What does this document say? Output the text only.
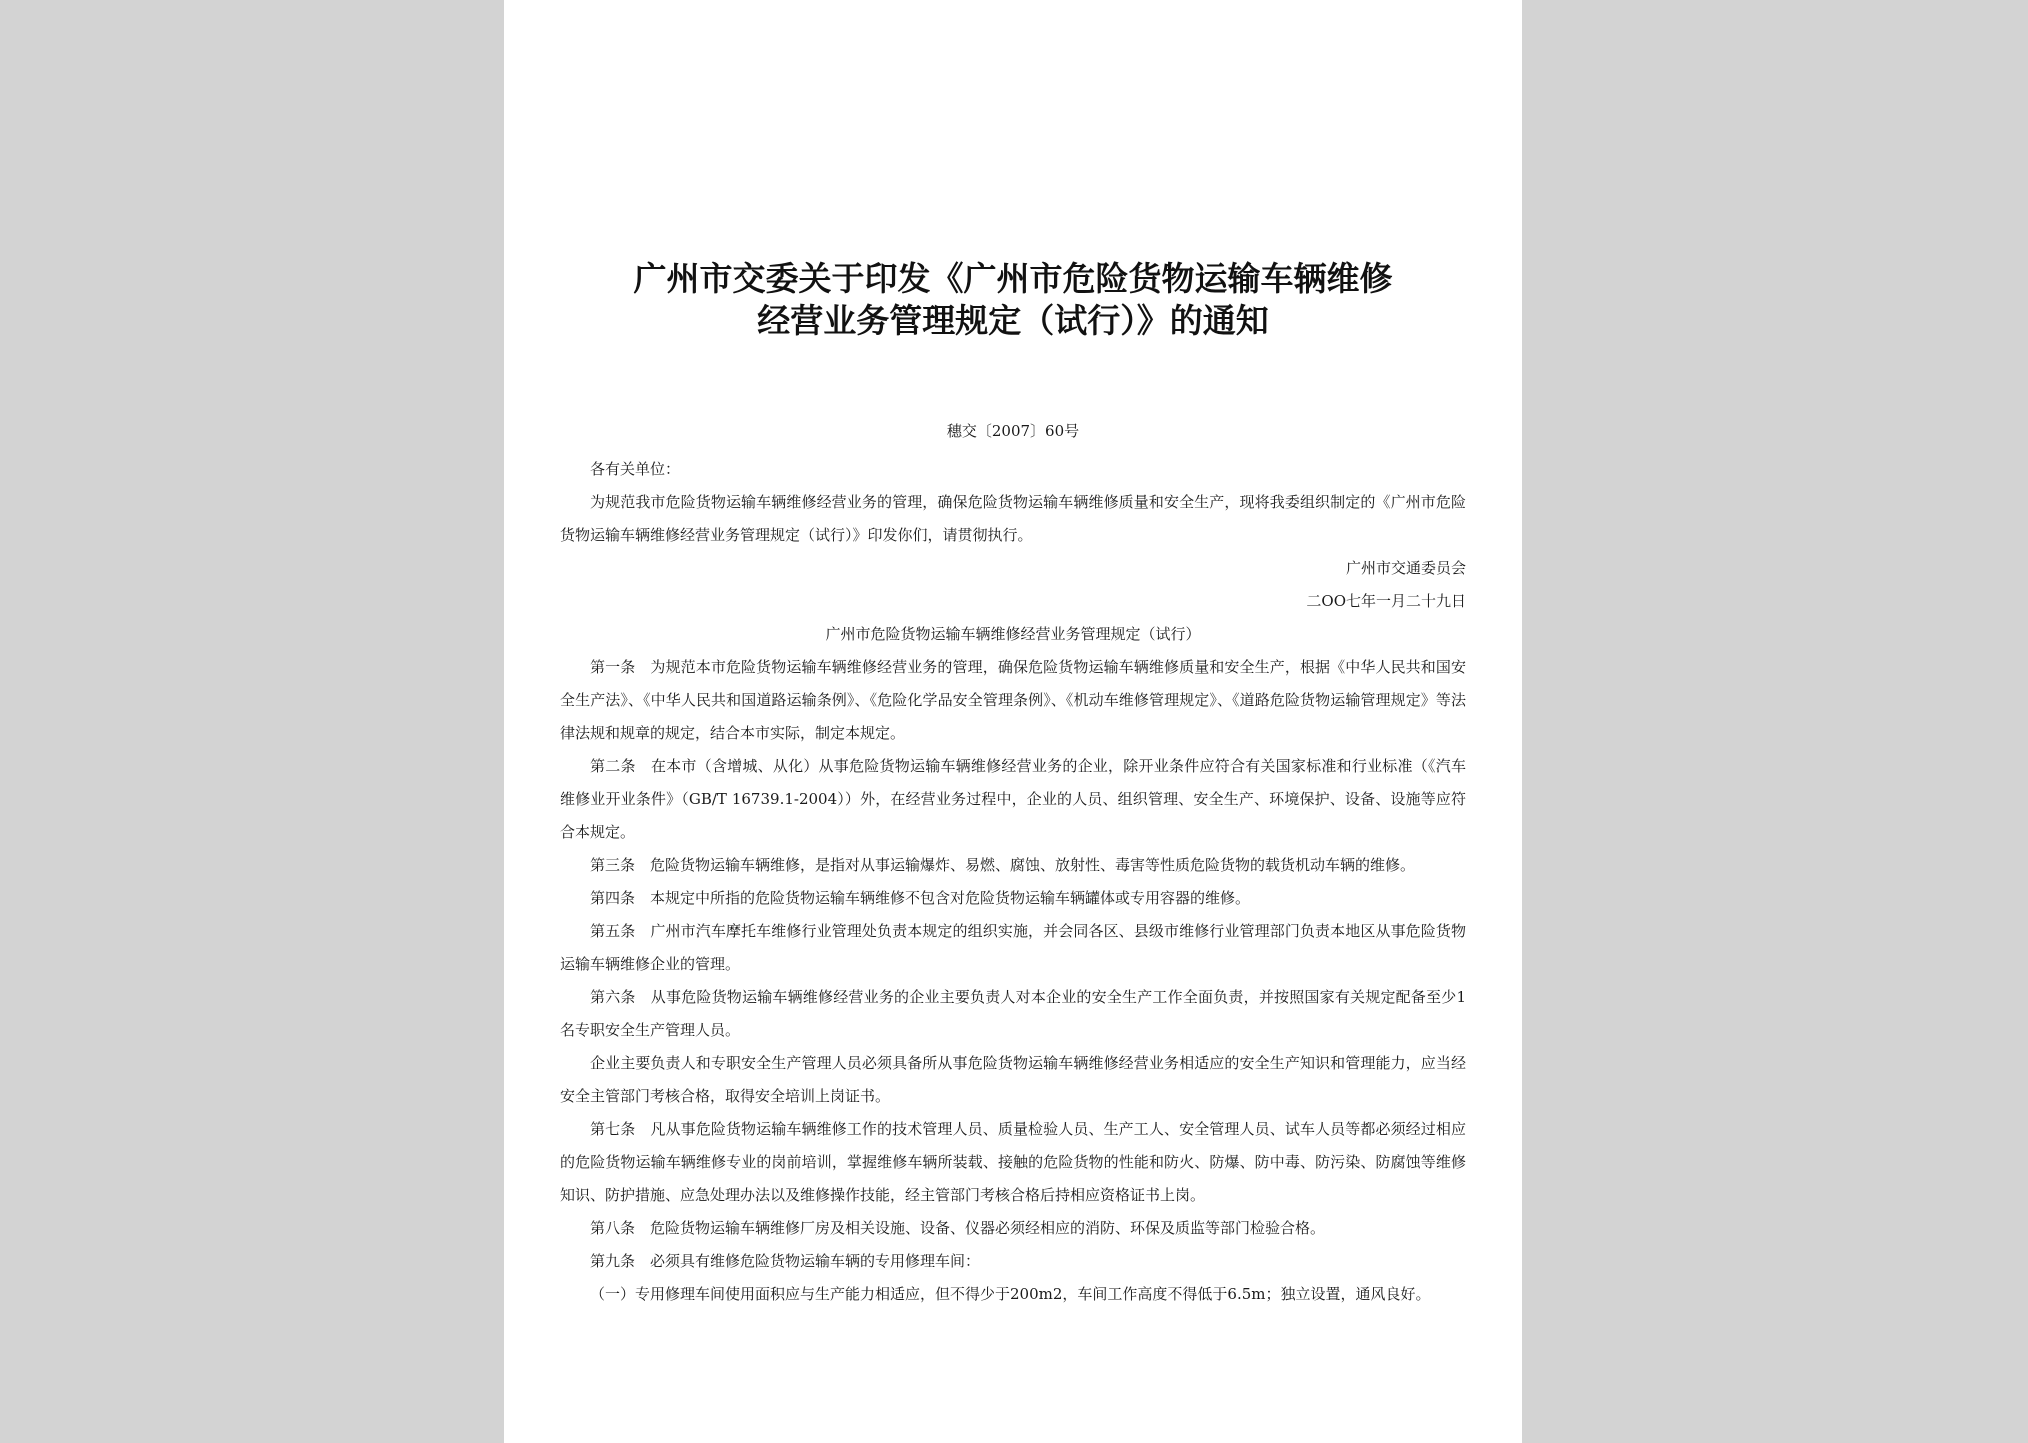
广州市交委关于印发《广州市危险货物运输车辆维修
经营业务管理规定（试行）》的通知
穗交〔2007〕60号

各有关单位：

为规范我市危险货物运输车辆维修经营业务的管理，确保危险货物运输车辆维修质量和安全生产，现将我委组织制定的《广州市危险货物运输车辆维修经营业务管理规定（试行）》印发你们，请贯彻执行。

广州市交通委员会

二ΟΟ七年一月二十九日

广州市危险货物运输车辆维修经营业务管理规定（试行）

第一条　为规范本市危险货物运输车辆维修经营业务的管理，确保危险货物运输车辆维修质量和安全生产，根据《中华人民共和国安全生产法》、《中华人民共和国道路运输条例》、《危险化学品安全管理条例》、《机动车维修管理规定》、《道路危险货物运输管理规定》等法律法规和规章的规定，结合本市实际，制定本规定。

第二条　在本市（含增城、从化）从事危险货物运输车辆维修经营业务的企业，除开业条件应符合有关国家标准和行业标准（《汽车维修业开业条件》（GB/T 16739.1-2004））外，在经营业务过程中，企业的人员、组织管理、安全生产、环境保护、设备、设施等应符合本规定。

第三条　危险货物运输车辆维修，是指对从事运输爆炸、易燃、腐蚀、放射性、毒害等性质危险货物的载货机动车辆的维修。

第四条　本规定中所指的危险货物运输车辆维修不包含对危险货物运输车辆罐体或专用容器的维修。

第五条　广州市汽车摩托车维修行业管理处负责本规定的组织实施，并会同各区、县级市维修行业管理部门负责本地区从事危险货物运输车辆维修企业的管理。

第六条　从事危险货物运输车辆维修经营业务的企业主要负责人对本企业的安全生产工作全面负责，并按照国家有关规定配备至少1名专职安全生产管理人员。

企业主要负责人和专职安全生产管理人员必须具备所从事危险货物运输车辆维修经营业务相适应的安全生产知识和管理能力，应当经安全主管部门考核合格，取得安全培训上岗证书。

第七条　凡从事危险货物运输车辆维修工作的技术管理人员、质量检验人员、生产工人、安全管理人员、试车人员等都必须经过相应的危险货物运输车辆维修专业的岗前培训，掌握维修车辆所装载、接触的危险货物的性能和防火、防爆、防中毒、防污染、防腐蚀等维修知识、防护措施、应急处理办法以及维修操作技能，经主管部门考核合格后持相应资格证书上岗。

第八条　危险货物运输车辆维修厂房及相关设施、设备、仪器必须经相应的消防、环保及质监等部门检验合格。

第九条　必须具有维修危险货物运输车辆的专用修理车间：

（一）专用修理车间使用面积应与生产能力相适应，但不得少于200m2，车间工作高度不得低于6.5m；独立设置，通风良好。
